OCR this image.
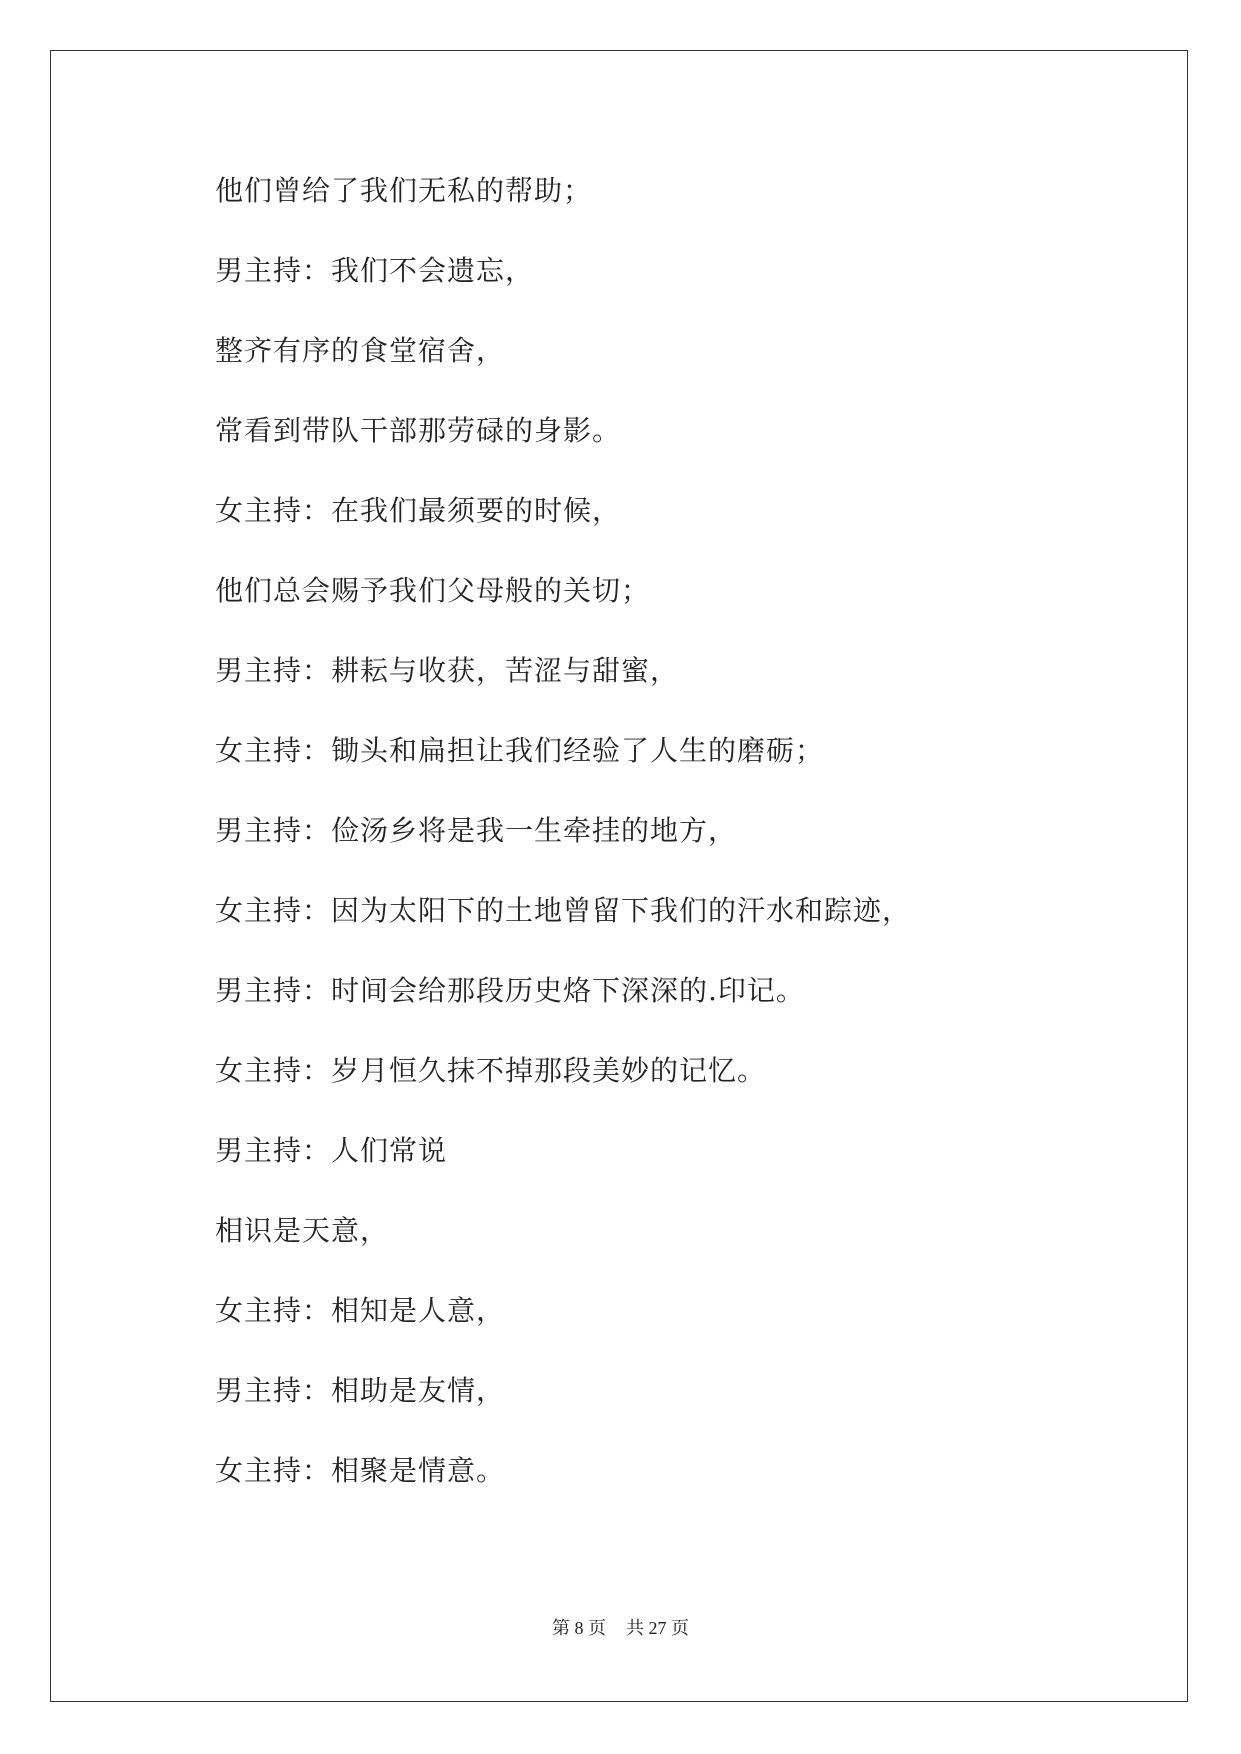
他们曾给了我们无私的帮助；
男主持：我们不会遗忘，
整齐有序的食堂宿舍，
常看到带队干部那劳碌的身影。
女主持：在我们最须要的时候，
他们总会赐予我们父母般的关切；
男主持：耕耘与收获，苦涩与甜蜜，
女主持：锄头和扁担让我们经验了人生的磨砺；
男主持：俭汤乡将是我一生牵挂的地方，
女主持：因为太阳下的土地曾留下我们的汗水和踪迹，
男主持：时间会给那段历史烙下深深的.印记。
女主持：岁月恒久抹不掉那段美妙的记忆。
男主持：人们常说
相识是天意，
女主持：相知是人意，
男主持：相助是友情，
女主持：相聚是情意。
第 8 页 共 27 页
